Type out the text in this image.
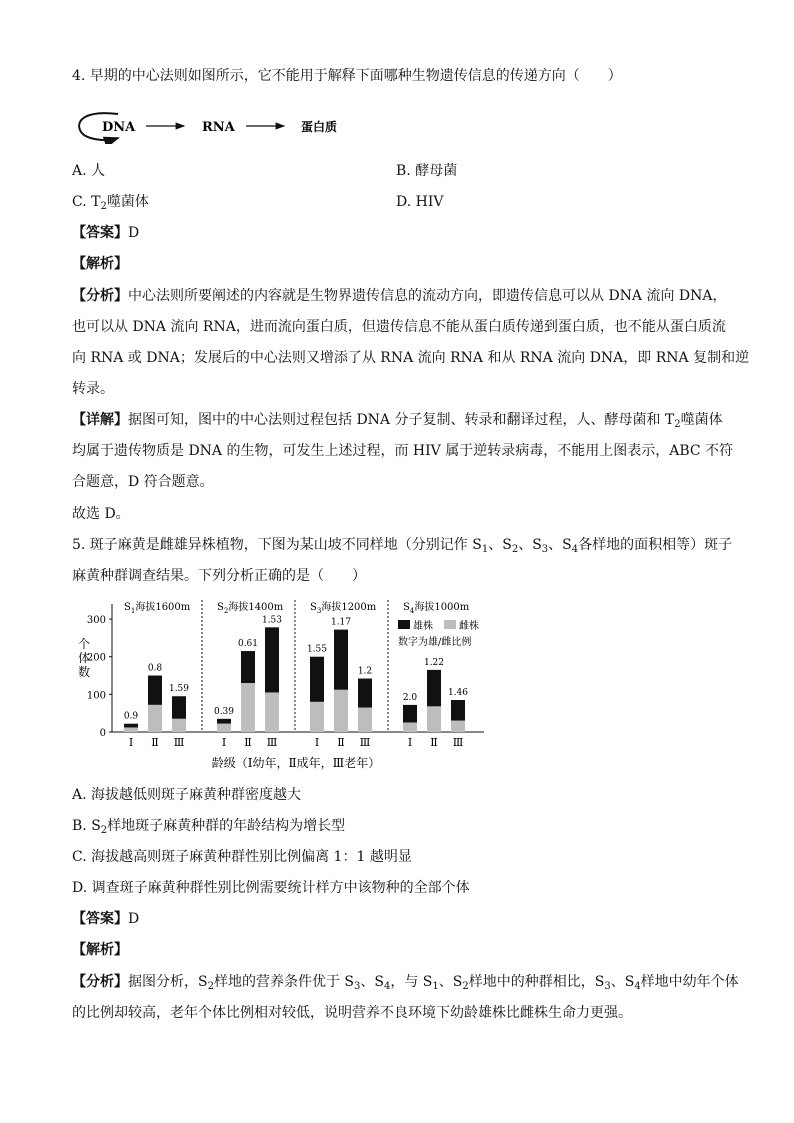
4. 早期的中心法则如图所示，它不能用于解释下面哪种生物遗传信息的传递方向（　　）
DNA	RNA	蛋白质
A. 人	B. 酵母菌
C. $T_2$噬菌体	D. HIV
【答案】D
【解析】
【分析】中心法则所要阐述的内容就是生物界遗传信息的流动方向，即遗传信息可以从 DNA 流向 DNA，
也可以从 DNA 流向 RNA，进而流向蛋白质，但遗传信息不能从蛋白质传递到蛋白质，也不能从蛋白质流
向 RNA 或 DNA；发展后的中心法则又增添了从 RNA 流向 RNA 和从 RNA 流向 DNA，即 RNA 复制和逆
转录。
【详解】据图可知，图中的中心法则过程包括 DNA 分子复制、转录和翻译过程，人、酵母菌和 $T_2$噬菌体
均属于遗传物质是 DNA 的生物，可发生上述过程，而 HIV 属于逆转录病毒，不能用上图表示，ABC 不符
合题意，D 符合题意。
故选 D。
5. 斑子麻黄是雌雄异株植物，下图为某山坡不同样地（分别记作 $S_1$、$S_2$、$S_3$、$S_4$各样地的面积相等）斑子
麻黄种群调查结果。下列分析正确的是（　　）
0
100
200
300
个
体
数
$S_1$海拔1600m
0.9
Ⅰ
0.8
Ⅱ
1.59
Ⅲ
$S_2$海拔1400m
0.39
Ⅰ
0.61
Ⅱ
1.53
Ⅲ
$S_3$海拔1200m
1.55
Ⅰ
1.17
Ⅱ
1.2
Ⅲ
$S_4$海拔1000m
2.0
Ⅰ
1.22
Ⅱ
1.46
Ⅲ
雄株	雌株
数字为雄/雌比例
龄级（Ⅰ幼年，Ⅱ成年，Ⅲ老年）
A. 海拔越低则斑子麻黄种群密度越大
B. $S_2$样地斑子麻黄种群的年龄结构为增长型
C. 海拔越高则斑子麻黄种群性别比例偏离 1：1 越明显
D. 调查斑子麻黄种群性别比例需要统计样方中该物种的全部个体
【答案】D
【解析】
【分析】据图分析，$S_2$样地的营养条件优于 $S_3$、$S_4$，与 $S_1$、$S_2$样地中的种群相比，$S_3$、$S_4$样地中幼年个体
的比例却较高，老年个体比例相对较低，说明营养不良环境下幼龄雄株比雌株生命力更强。
